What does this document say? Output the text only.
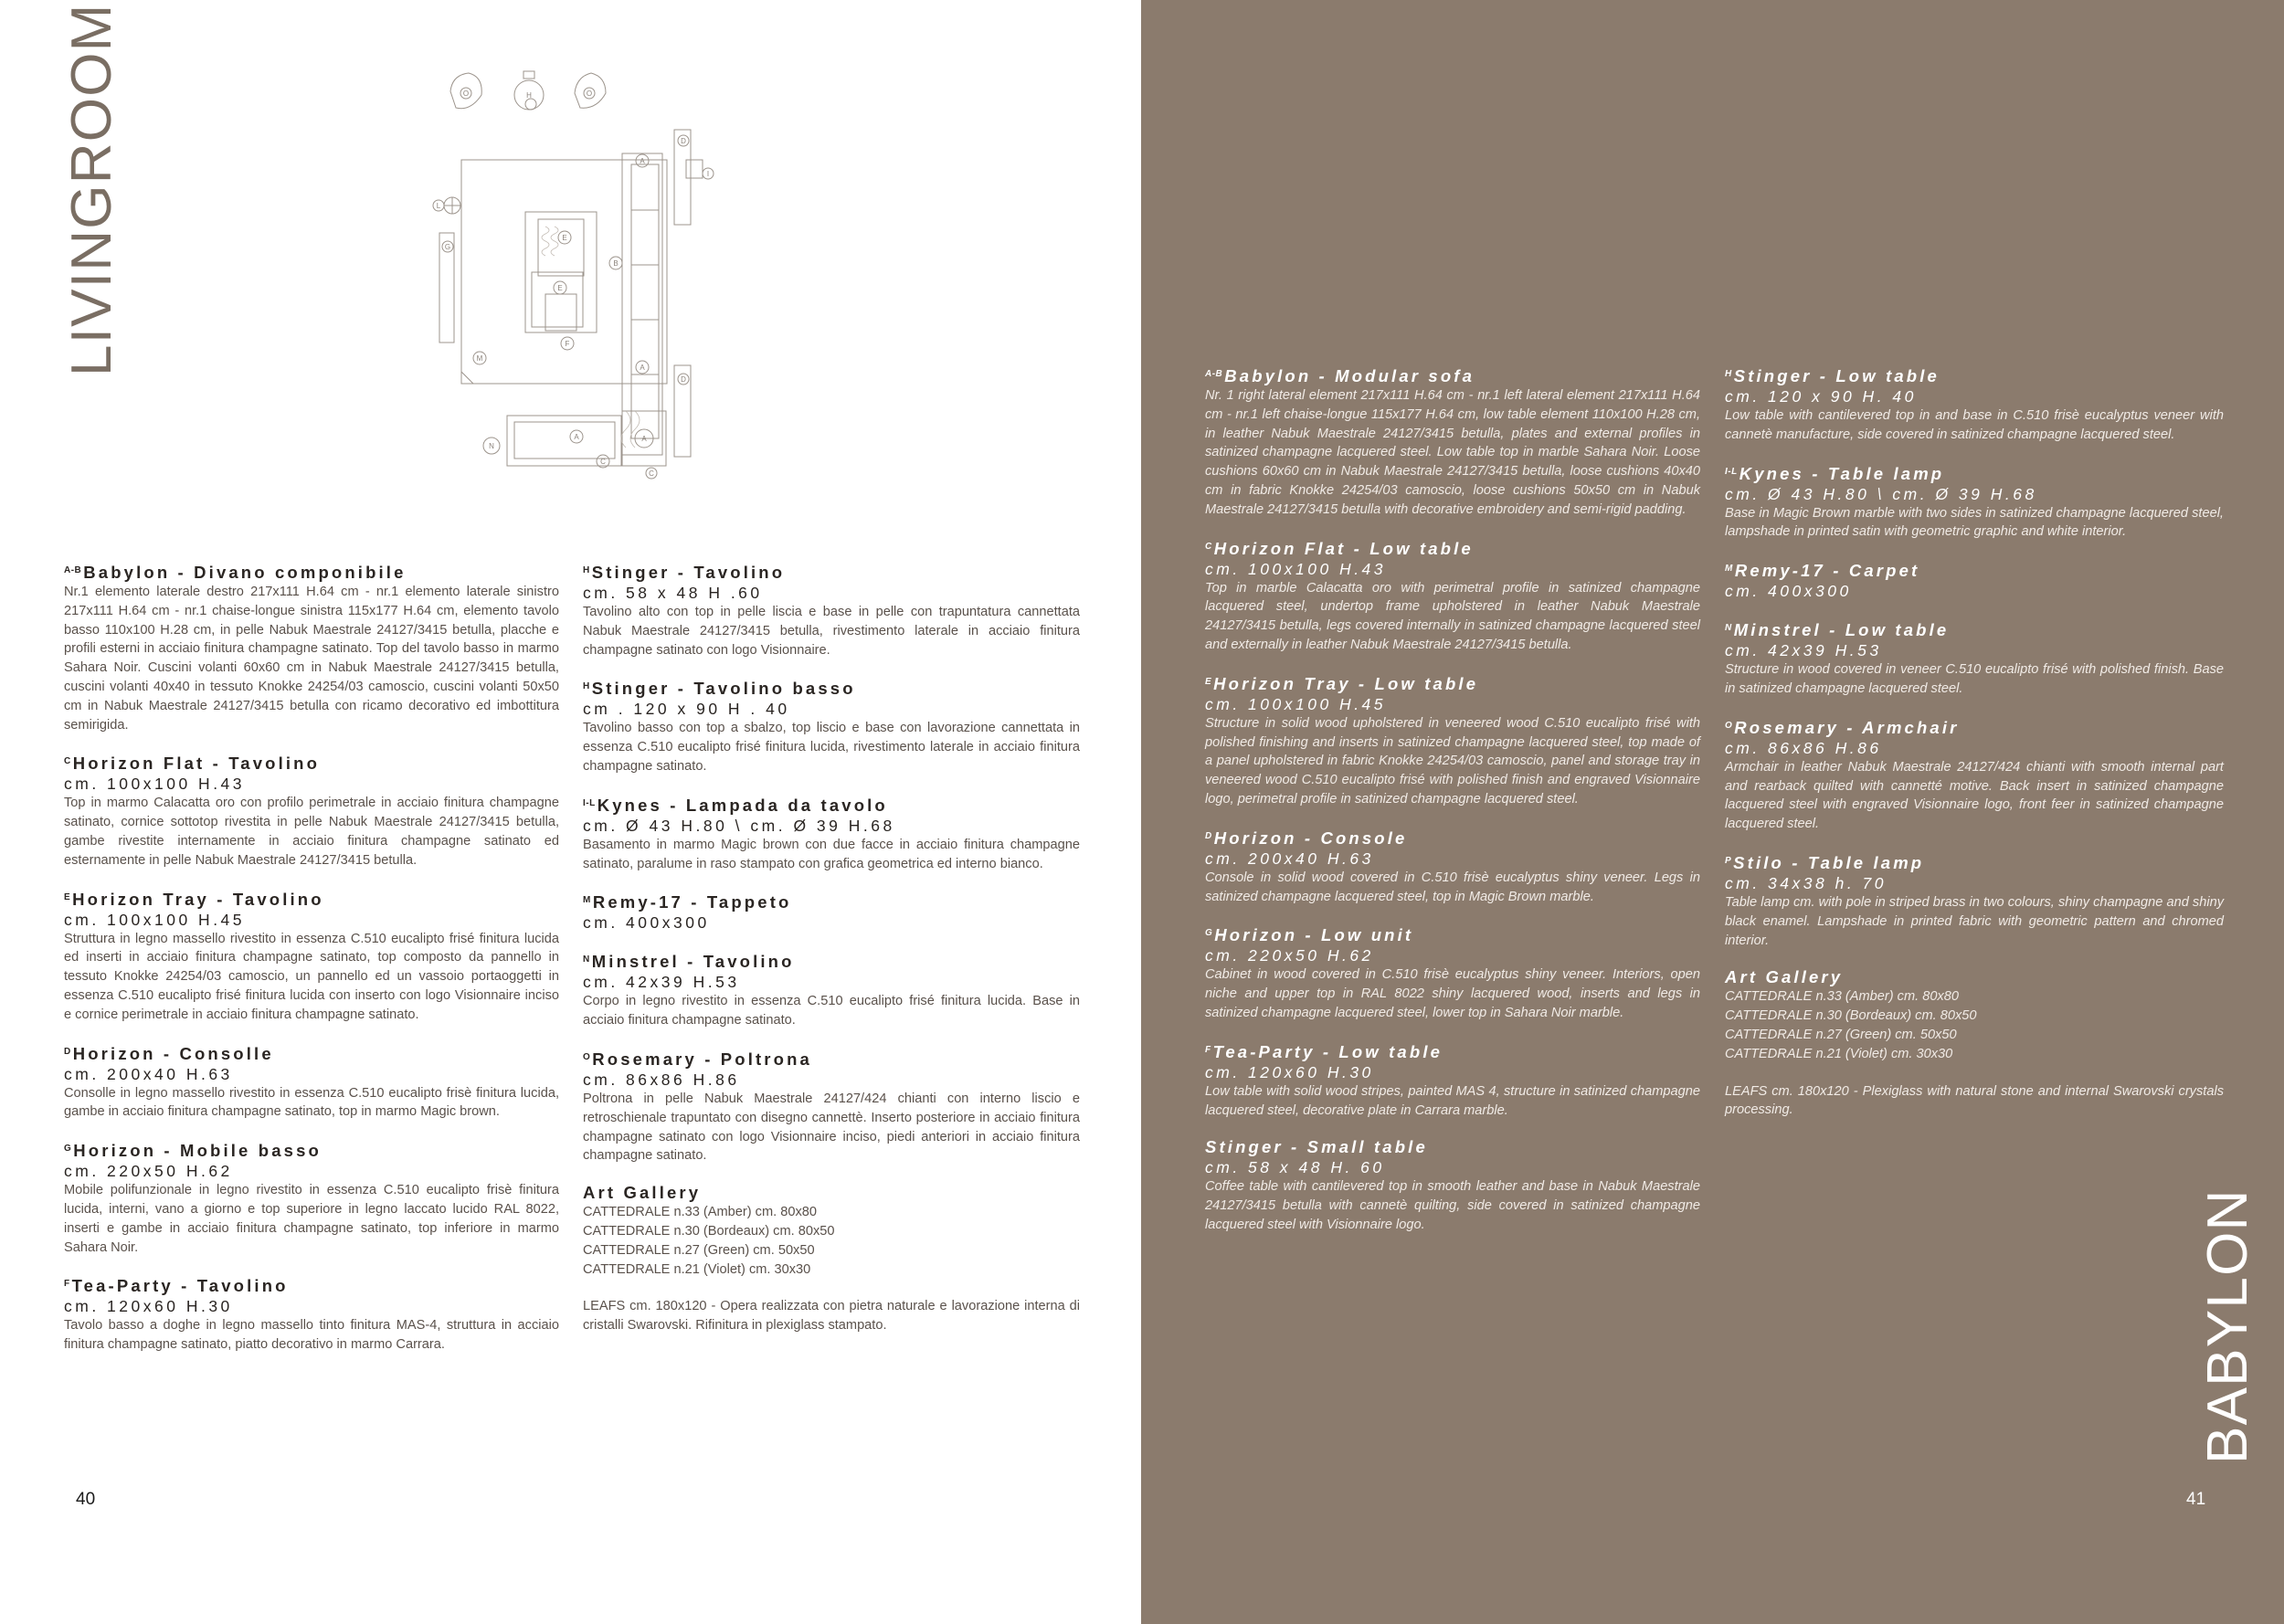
LIVINGROOM	O	H	O
A
D
I
B
E
E
F
L
G
M
N
A
A
C
A
D
C
$^{A-B}$ Babylon - Divano componibile
Nr.1 elemento laterale destro 217x111 H.64 cm - nr.1 elemento laterale sinistro 217x111 H.64 cm - nr.1 chaise-longue sinistra 115x177 H.64 cm, elemento tavolo basso 110x100 H.28 cm, in pelle Nabuk Maestrale 24127/3415 betulla, placche e profili esterni in acciaio finitura champagne satinato. Top del tavolo basso in marmo Sahara Noir. Cuscini volanti 60x60 cm in Nabuk Maestrale 24127/3415 betulla, cuscini volanti 40x40 in tessuto Knokke 24254/03 camoscio, cuscini volanti 50x50 cm in Nabuk Maestrale 24127/3415 betulla con ricamo decorativo ed imbottitura semirigida.
$^C$ Horizon Flat - Tavolino
cm. 100x100 H.43
Top in marmo Calacatta oro con profilo perimetrale in acciaio finitura champagne satinato, cornice sottotop rivestita in pelle Nabuk Maestrale 24127/3415 betulla, gambe rivestite internamente in acciaio finitura champagne satinato ed esternamente in pelle Nabuk Maestrale 24127/3415 betulla.
$^E$ Horizon Tray - Tavolino
cm. 100x100 H.45
Struttura in legno massello rivestito in essenza C.510 eucalipto frisé finitura lucida ed inserti in acciaio finitura champagne satinato, top composto da pannello in tessuto Knokke 24254/03 camoscio, un pannello ed un vassoio portaoggetti in essenza C.510 eucalipto frisé finitura lucida con inserto con logo Visionnaire inciso e cornice perimetrale in acciaio finitura champagne satinato.
$^D$ Horizon - Consolle
cm. 200x40 H.63
Consolle in legno massello rivestito in essenza C.510 eucalipto frisè finitura lucida, gambe in acciaio finitura champagne satinato, top in marmo Magic brown.
$^G$ Horizon - Mobile basso
cm. 220x50 H.62
Mobile polifunzionale in legno rivestito in essenza C.510 eucalipto frisè finitura lucida, interni, vano a giorno e top superiore in legno laccato lucido RAL 8022, inserti e gambe in acciaio finitura champagne satinato, top inferiore in marmo Sahara Noir.
$^F$ Tea-Party - Tavolino
cm. 120x60 H.30
Tavolo basso a doghe in legno massello tinto finitura MAS-4, struttura in acciaio finitura champagne satinato, piatto decorativo in marmo Carrara.
$^H$ Stinger - Tavolino
cm. 58 x 48 H .60
Tavolino alto con top in pelle liscia e base in pelle con trapuntatura cannettata Nabuk Maestrale 24127/3415 betulla, rivestimento laterale in acciaio finitura champagne satinato con logo Visionnaire.
$^H$ Stinger - Tavolino basso
cm . 120 x 90 H . 40
Tavolino basso con top a sbalzo, top liscio e base con lavorazione cannettata in essenza C.510 eucalipto frisé finitura lucida, rivestimento laterale in acciaio finitura champagne satinato.
$^{I-L}$ Kynes - Lampada da tavolo
cm. Ø 43 H.80 \ cm. Ø 39 H.68
Basamento in marmo Magic brown con due facce in acciaio finitura champagne satinato, paralume in raso stampato con grafica geometrica ed interno bianco.
$^M$ Remy-17 - Tappeto
cm. 400x300
$^N$ Minstrel - Tavolino
cm. 42x39 H.53
Corpo in legno rivestito in essenza C.510 eucalipto frisé finitura lucida. Base in acciaio finitura champagne satinato.
$^O$ Rosemary - Poltrona
cm. 86x86 H.86
Poltrona in pelle Nabuk Maestrale 24127/424 chianti con interno liscio e retroschienale trapuntato con disegno cannettè. Inserto posteriore in acciaio finitura champagne satinato con logo Visionnaire inciso, piedi anteriori in acciaio finitura champagne satinato.
Art Gallery
CATTEDRALE n.33 (Amber) cm. 80x80
CATTEDRALE n.30 (Bordeaux) cm. 80x50
CATTEDRALE n.27 (Green) cm. 50x50
CATTEDRALE n.21 (Violet) cm. 30x30
LEAFS cm. 180x120 - Opera realizzata con pietra naturale e lavorazione interna di cristalli Swarovski. Rifinitura in plexiglass stampato.
40
BABYLON
41
$^{A-B}$ Babylon - Modular sofa
Nr. 1 right lateral element 217x111 H.64 cm - nr.1 left lateral element 217x111 H.64 cm - nr.1 left chaise-longue 115x177 H.64 cm, low table element 110x100 H.28 cm, in leather Nabuk Maestrale 24127/3415 betulla, plates and external profiles in satinized champagne lacquered steel. Low table top in marble Sahara Noir. Loose cushions 60x60 cm in Nabuk Maestrale 24127/3415 betulla, loose cushions 40x40 cm in fabric Knokke 24254/03 camoscio, loose cushions 50x50 cm in Nabuk Maestrale 24127/3415 betulla with decorative embroidery and semi-rigid padding.
$^C$ Horizon Flat - Low table
cm. 100x100 H.43
Top in marble Calacatta oro with perimetral profile in satinized champagne lacquered steel, undertop frame upholstered in leather Nabuk Maestrale 24127/3415 betulla, legs covered internally in satinized champagne lacquered steel and externally in leather Nabuk Maestrale 24127/3415 betulla.
$^E$ Horizon Tray - Low table
cm. 100x100 H.45
Structure in solid wood upholstered in veneered wood C.510 eucalipto frisé with polished finishing and inserts in satinized champagne lacquered steel, top made of a panel upholstered in fabric Knokke 24254/03 camoscio, panel and storage tray in veneered wood C.510 eucalipto frisé with polished finish and engraved Visionnaire logo, perimetral profile in satinized champagne lacquered steel.
$^D$ Horizon - Console
cm. 200x40 H.63
Console in solid wood covered in C.510 frisè eucalyptus shiny veneer. Legs in satinized champagne lacquered steel, top in Magic Brown marble.
$^G$ Horizon - Low unit
cm. 220x50 H.62
Cabinet in wood covered in C.510 frisè eucalyptus shiny veneer. Interiors, open niche and upper top in RAL 8022 shiny lacquered wood, inserts and legs in satinized champagne lacquered steel, lower top in Sahara Noir marble.
$^F$ Tea-Party - Low table
cm. 120x60 H.30
Low table with solid wood stripes, painted MAS 4, structure in satinized champagne lacquered steel, decorative plate in Carrara marble.
Stinger - Small table
cm. 58 x 48 H. 60
Coffee table with cantilevered top in smooth leather and base in Nabuk Maestrale 24127/3415 betulla with cannetè quilting, side covered in satinized champagne lacquered steel with Visionnaire logo.
$^H$ Stinger - Low table
cm. 120 x 90 H. 40
Low table with cantilevered top in and base in C.510 frisè eucalyptus veneer with cannetè manufacture, side covered in satinized champagne lacquered steel.
$^{I-L}$ Kynes - Table lamp
cm. Ø 43 H.80 \ cm. Ø 39 H.68
Base in Magic Brown marble with two sides in satinized champagne lacquered steel, lampshade in printed satin with geometric graphic and white interior.
$^M$ Remy-17 - Carpet
cm. 400x300
$^N$ Minstrel - Low table
cm. 42x39 H.53
Structure in wood covered in veneer C.510 eucalipto frisé with polished finish. Base in satinized champagne lacquered steel.
$^O$ Rosemary - Armchair
cm. 86x86 H.86
Armchair in leather Nabuk Maestrale 24127/424 chianti with smooth internal part and rearback quilted with cannetté motive. Back insert in satinized champagne lacquered steel with engraved Visionnaire logo, front feer in satinized champagne lacquered steel.
$^P$ Stilo - Table lamp
cm. 34x38 h. 70
Table lamp cm. with pole in striped brass in two colours, shiny champagne and shiny black enamel. Lampshade in printed fabric with geometric pattern and chromed interior.
Art Gallery
CATTEDRALE n.33 (Amber) cm. 80x80
CATTEDRALE n.30 (Bordeaux) cm. 80x50
CATTEDRALE n.27 (Green) cm. 50x50
CATTEDRALE n.21 (Violet) cm. 30x30
LEAFS cm. 180x120 - Plexiglass with natural stone and internal Swarovski crystals processing.
